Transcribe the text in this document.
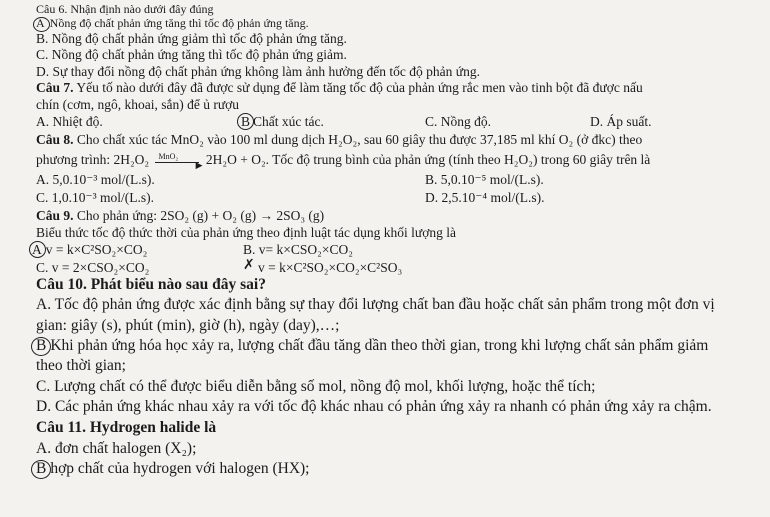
Câu 6. Nhận định nào dưới đây đúng
A Nồng độ chất phản ứng tăng thì tốc độ phản ứng tăng.
B. Nồng độ chất phản ứng giảm thì tốc độ phản ứng tăng.
C. Nồng độ chất phản ứng tăng thì tốc độ phản ứng giảm.
D. Sự thay đổi nồng độ chất phản ứng không làm ảnh hưởng đến tốc độ phản ứng.
Câu 7. Yếu tố nào dưới đây đã được sử dụng để làm tăng tốc độ của phản ứng rắc men vào tinh bột đã được nấu
chín (cơm, ngô, khoai, sắn) để ủ rượu
A. Nhiệt độ.	B Chất xúc tác.	C. Nồng độ.	D. Áp suất.
Câu 8. Cho chất xúc tác MnO₂ vào 100 ml dung dịch H₂O₂, sau 60 giây thu được 37,185 ml khí O₂ (ở đkc) theo
phương trình: 2H₂O₂ MnO₂
▶ 2H₂O + O₂. Tốc độ trung bình của phản ứng (tính theo H₂O₂) trong 60 giây trên là
A. 5,0.10⁻³ mol/(L.s).	B. 5,0.10⁻⁵ mol/(L.s).
C. 1,0.10⁻³ mol/(L.s).	D. 2,5.10⁻⁴ mol/(L.s).
Câu 9. Cho phản ứng: 2SO₂ (g) + O₂ (g) → 2SO₃ (g)
Biểu thức tốc độ thức thời của phản ứng theo định luật tác dụng khối lượng là
A v = k×C²SO₂×CO₂	B. v= k×CSO₂×CO₂
C. v = 2×CSO₂×CO₂	✗ v = k×C²SO₂×CO₂×C²SO₃
Câu 10. Phát biểu nào sau đây sai?
A. Tốc độ phản ứng được xác định bằng sự thay đổi lượng chất ban đầu hoặc chất sản phẩm trong một đơn vị
gian: giây (s), phút (min), giờ (h), ngày (day),…;
B Khi phản ứng hóa học xảy ra, lượng chất đầu tăng dần theo thời gian, trong khi lượng chất sản phẩm giảm
theo thời gian;
C. Lượng chất có thể được biểu diễn bằng số mol, nồng độ mol, khối lượng, hoặc thể tích;
D. Các phản ứng khác nhau xảy ra với tốc độ khác nhau có phản ứng xảy ra nhanh có phản ứng xảy ra chậm.
Câu 11. Hydrogen halide là
A. đơn chất halogen (X₂);
B hợp chất của hydrogen với halogen (HX);
